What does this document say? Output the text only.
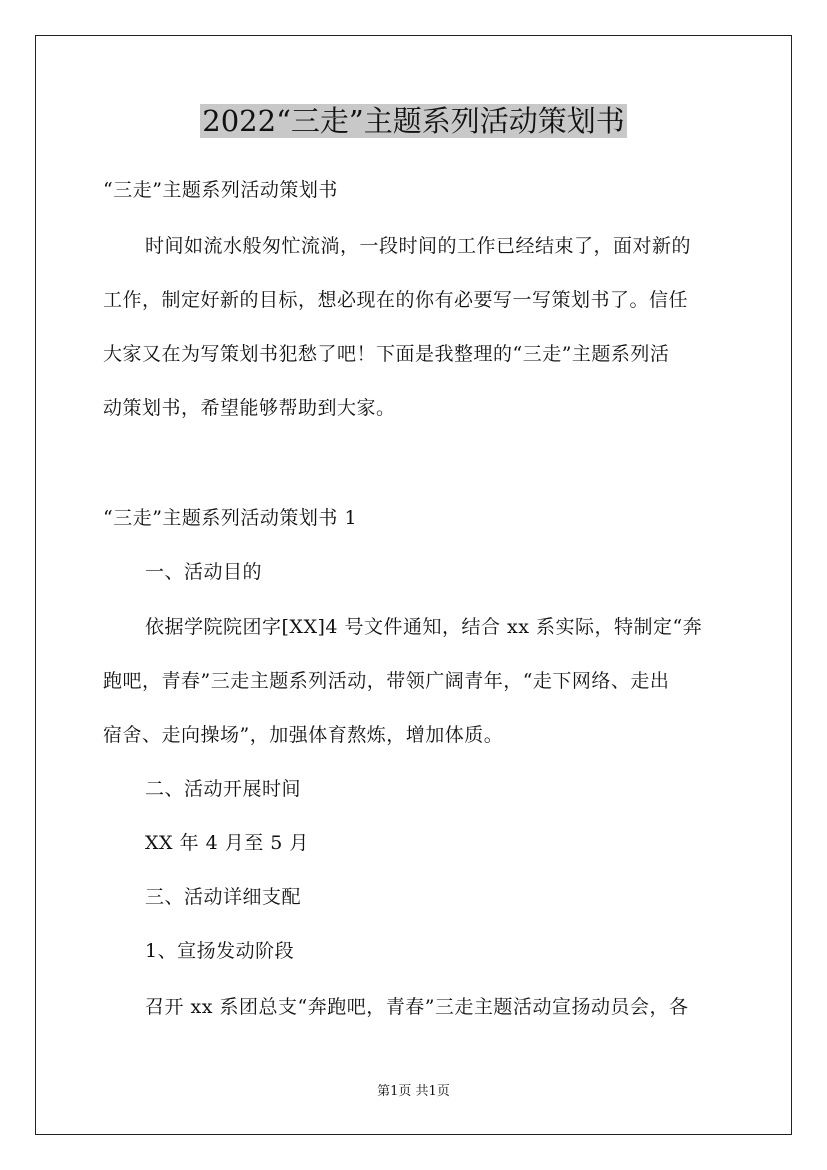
2022“三走”主题系列活动策划书
“三走”主题系列活动策划书
时间如流水般匆忙流淌，一段时间的工作已经结束了，面对新的
工作，制定好新的目标，想必现在的你有必要写一写策划书了。信任
大家又在为写策划书犯愁了吧！下面是我整理的“三走”主题系列活
动策划书，希望能够帮助到大家。
“三走”主题系列活动策划书 1
一、活动目的
依据学院院团字[XX]4 号文件通知，结合 xx 系实际，特制定“奔
跑吧，青春”三走主题系列活动，带领广阔青年，“走下网络、走出
宿舍、走向操场”，加强体育熬炼，增加体质。
二、活动开展时间
XX 年 4 月至 5 月
三、活动详细支配
1、宣扬发动阶段
召开 xx 系团总支“奔跑吧，青春”三走主题活动宣扬动员会，各
第1页 共1页
